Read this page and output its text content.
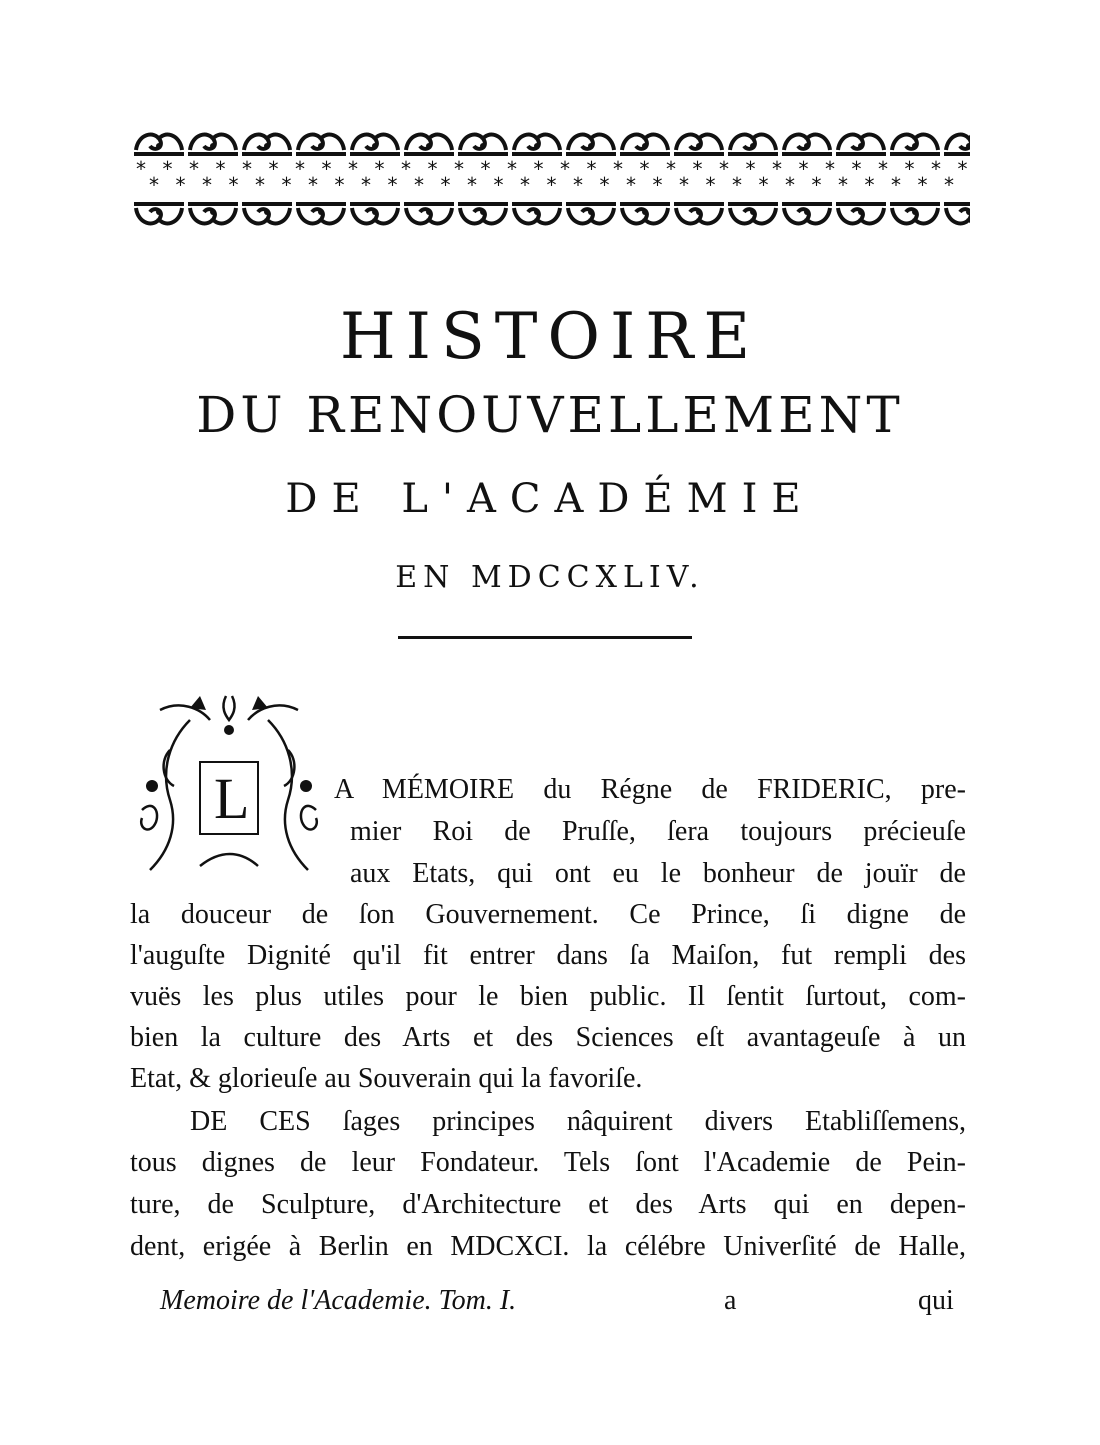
* * * * * * * * * * * * * * * * * * * * * * * * * * * * * * * *
* * * * * * * * * * * * * * * * * * * * * * * * * * * * * * *
HISTOIRE
DU RENOUVELLEMENT
DE L'ACADÉMIE
EN MDCCXLIV.
L	A MÉMOIRE du Régne de FRIDERIC, pre-
mier Roi de Pruſſe, ſera toujours précieuſe
aux Etats, qui ont eu le bonheur de jouïr de
la douceur de ſon Gouvernement. Ce Prince, ſi digne de
l'auguſte Dignité qu'il fit entrer dans ſa Maiſon, fut rempli des
vuës les plus utiles pour le bien public. Il ſentit ſurtout, com-
bien la culture des Arts et des Sciences eſt avantageuſe à un
Etat, & glorieuſe au Souverain qui la favoriſe.
DE CES ſages principes nâquirent divers Etabliſſemens,
tous dignes de leur Fondateur. Tels ſont l'Academie de Pein-
ture, de Sculpture, d'Architecture et des Arts qui en depen-
dent, erigée à Berlin en MDCXCI. la célébre Univerſité de Halle,
Memoire de l'Academie. Tom. I.	a	qui
